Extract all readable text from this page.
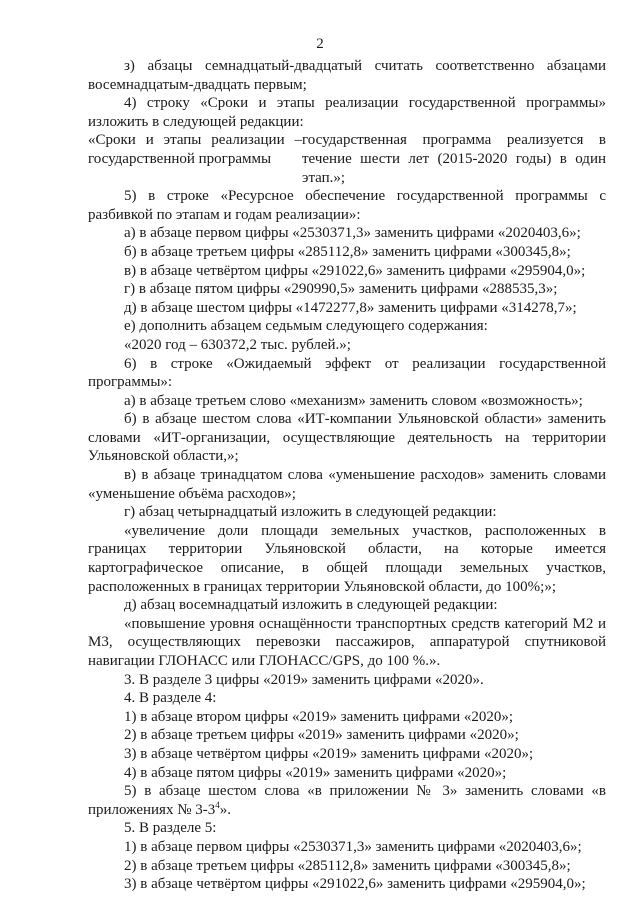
2

з) абзацы семнадцатый-двадцатый считать соответственно абзацами восемнадцатым-двадцать первым;

4) строку «Сроки и этапы реализации государственной программы» изложить в следующей редакции:

«Сроки и этапы реализации – государственной программы
государственная программа реализуется в течение шести лет (2015-2020 годы) в один этап.»;

5) в строке «Ресурсное обеспечение государственной программы с разбивкой по этапам и годам реализации»:

а) в абзаце первом цифры «2530371,3» заменить цифрами «2020403,6»;

б) в абзаце третьем цифры «285112,8» заменить цифрами «300345,8»;

в) в абзаце четвёртом цифры «291022,6» заменить цифрами «295904,0»;

г) в абзаце пятом цифры «290990,5» заменить цифрами «288535,3»;

д) в абзаце шестом цифры «1472277,8» заменить цифрами «314278,7»;

е) дополнить абзацем седьмым следующего содержания:

«2020 год – 630372,2 тыс. рублей.»;

6) в строке «Ожидаемый эффект от реализации государственной программы»:

а) в абзаце третьем слово «механизм» заменить словом «возможность»;

б) в абзаце шестом слова «ИТ-компании Ульяновской области» заменить словами «ИТ-организации, осуществляющие деятельность на территории Ульяновской области,»;

в) в абзаце тринадцатом слова «уменьшение расходов» заменить словами «уменьшение объёма расходов»;

г) абзац четырнадцатый изложить в следующей редакции:

«увеличение доли площади земельных участков, расположенных в границах территории Ульяновской области, на которые имеется картографическое описание, в общей площади земельных участков, расположенных в границах территории Ульяновской области, до 100%;»;

д) абзац восемнадцатый изложить в следующей редакции:

«повышение уровня оснащённости транспортных средств категорий М2 и М3, осуществляющих перевозки пассажиров, аппаратурой спутниковой навигации ГЛОНАСС или ГЛОНАСС/GPS, до 100 %.».

3. В разделе 3 цифры «2019» заменить цифрами «2020».

4. В разделе 4:

1) в абзаце втором цифры «2019» заменить цифрами «2020»;

2) в абзаце третьем цифры «2019» заменить цифрами «2020»;

3) в абзаце четвёртом цифры «2019» заменить цифрами «2020»;

4) в абзаце пятом цифры «2019» заменить цифрами «2020»;

5) в абзаце шестом слова «в приложении № 3» заменить словами «в приложениях № $3-3^4$».

5. В разделе 5:

1) в абзаце первом цифры «2530371,3» заменить цифрами «2020403,6»;

2) в абзаце третьем цифры «285112,8» заменить цифрами «300345,8»;

3) в абзаце четвёртом цифры «291022,6» заменить цифрами «295904,0»;
